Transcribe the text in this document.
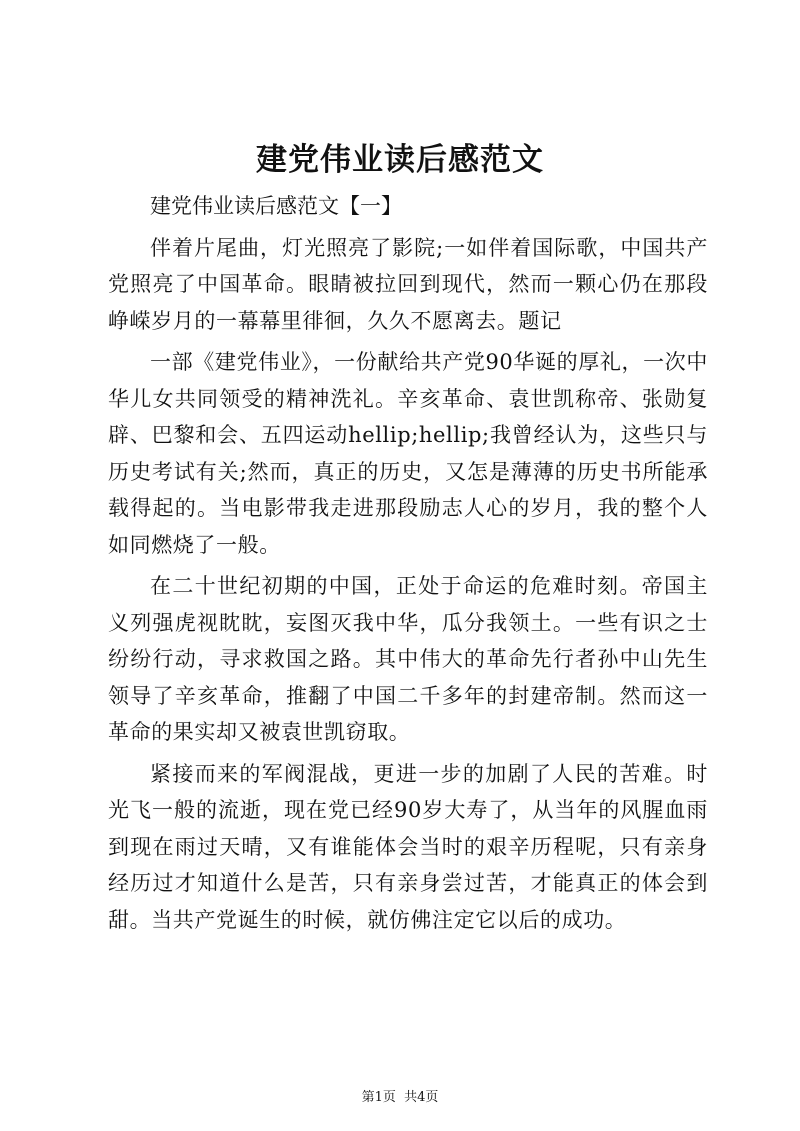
建党伟业读后感范文

建党伟业读后感范文【一】

伴着片尾曲，灯光照亮了影院;一如伴着国际歌，中国共产党照亮了中国革命。眼睛被拉回到现代，然而一颗心仍在那段峥嵘岁月的一幕幕里徘徊，久久不愿离去。题记

一部《建党伟业》，一份献给共产党90华诞的厚礼，一次中华儿女共同领受的精神洗礼。辛亥革命、袁世凯称帝、张勋复辟、巴黎和会、五四运动hellip;hellip;我曾经认为，这些只与历史考试有关;然而，真正的历史，又怎是薄薄的历史书所能承载得起的。当电影带我走进那段励志人心的岁月，我的整个人如同燃烧了一般。

在二十世纪初期的中国，正处于命运的危难时刻。帝国主义列强虎视眈眈，妄图灭我中华，瓜分我领土。一些有识之士纷纷行动，寻求救国之路。其中伟大的革命先行者孙中山先生领导了辛亥革命，推翻了中国二千多年的封建帝制。然而这一革命的果实却又被袁世凯窃取。

紧接而来的军阀混战，更进一步的加剧了人民的苦难。时光飞一般的流逝，现在党已经90岁大寿了，从当年的风腥血雨到现在雨过天晴，又有谁能体会当时的艰辛历程呢，只有亲身经历过才知道什么是苦，只有亲身尝过苦，才能真正的体会到甜。当共产党诞生的时候，就仿佛注定它以后的成功。

第1页 共4页
